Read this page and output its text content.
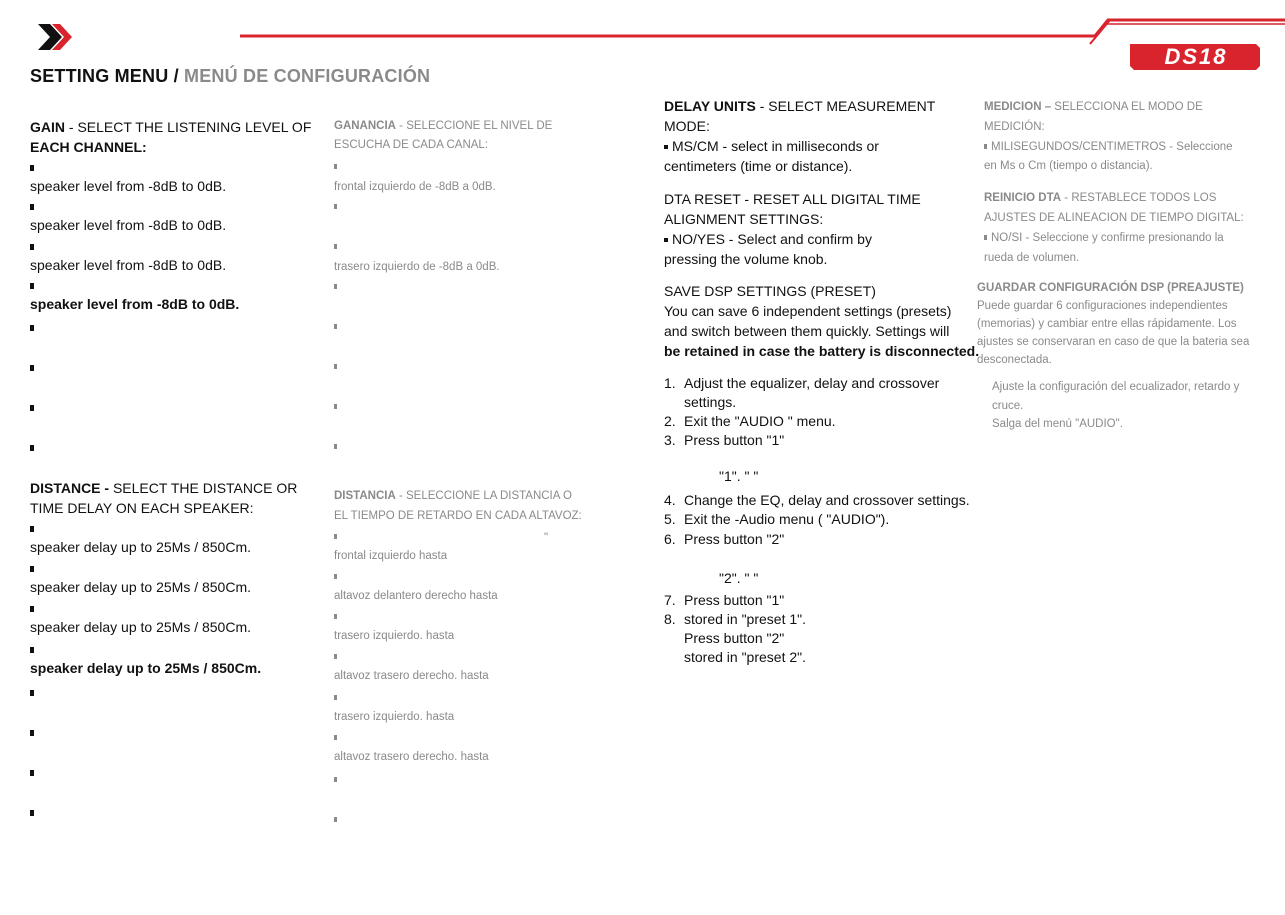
DS18
SETTING MENU / MENÚ DE CONFIGURACIÓN
GAIN - SELECT THE LISTENING LEVEL OF
EACH CHANNEL:
speaker level from -8dB to 0dB.
speaker level from -8dB to 0dB.
speaker level from -8dB to 0dB.
speaker level from -8dB to 0dB.
DISTANCE - SELECT THE DISTANCE OR
TIME DELAY ON EACH SPEAKER:
speaker delay up to 25Ms / 850Cm.
speaker delay up to 25Ms / 850Cm.
speaker delay up to 25Ms / 850Cm.
speaker delay up to 25Ms / 850Cm.
GANANCIA - SELECCIONE EL NIVEL DE
ESCUCHA DE CADA CANAL:
frontal izquierdo de -8dB a 0dB.
trasero izquierdo de -8dB a 0dB.
DISTANCIA - SELECCIONE LA DISTANCIA O
EL TIEMPO DE RETARDO EN CADA ALTAVOZ:
"
frontal izquierdo hasta
altavoz delantero derecho hasta
trasero izquierdo. hasta
altavoz trasero derecho. hasta
trasero izquierdo. hasta
altavoz trasero derecho. hasta
DELAY UNITS - SELECT MEASUREMENT
MODE:
MS/CM - select in milliseconds or
centimeters (time or distance).
DTA RESET - RESET ALL DIGITAL TIME
ALIGNMENT SETTINGS:
NO/YES - Select and confirm by
pressing the volume knob.
SAVE DSP SETTINGS (PRESET)
You can save 6 independent settings (presets)
and switch between them quickly. Settings will
be retained in case the battery is disconnected.
1. Adjust the equalizer, delay and crossover
settings.
2. Exit the "AUDIO " menu.
3. Press button "1"
"1". " "
4. Change the EQ, delay and crossover settings.
5. Exit the -Audio menu ( "AUDIO").
6. Press button "2"
"2". " "
7. Press button "1"
8. stored in "preset 1".
Press button "2"
stored in "preset 2".
MEDICION – SELECCIONA EL MODO DE
MEDICIÓN:
MILISEGUNDOS/CENTIMETROS - Seleccione
en Ms o Cm (tiempo o distancia).
REINICIO DTA - RESTABLECE TODOS LOS
AJUSTES DE ALINEACION DE TIEMPO DIGITAL:
NO/SI - Seleccione y confirme presionando la
rueda de volumen.
GUARDAR CONFIGURACIÓN DSP (PREAJUSTE)
Puede guardar 6 configuraciones independientes
(memorias) y cambiar entre ellas rápidamente. Los
ajustes se conservaran en caso de que la bateria sea
desconectada.
Ajuste la configuración del ecualizador, retardo y
cruce.
Salga del menú "AUDIO".
